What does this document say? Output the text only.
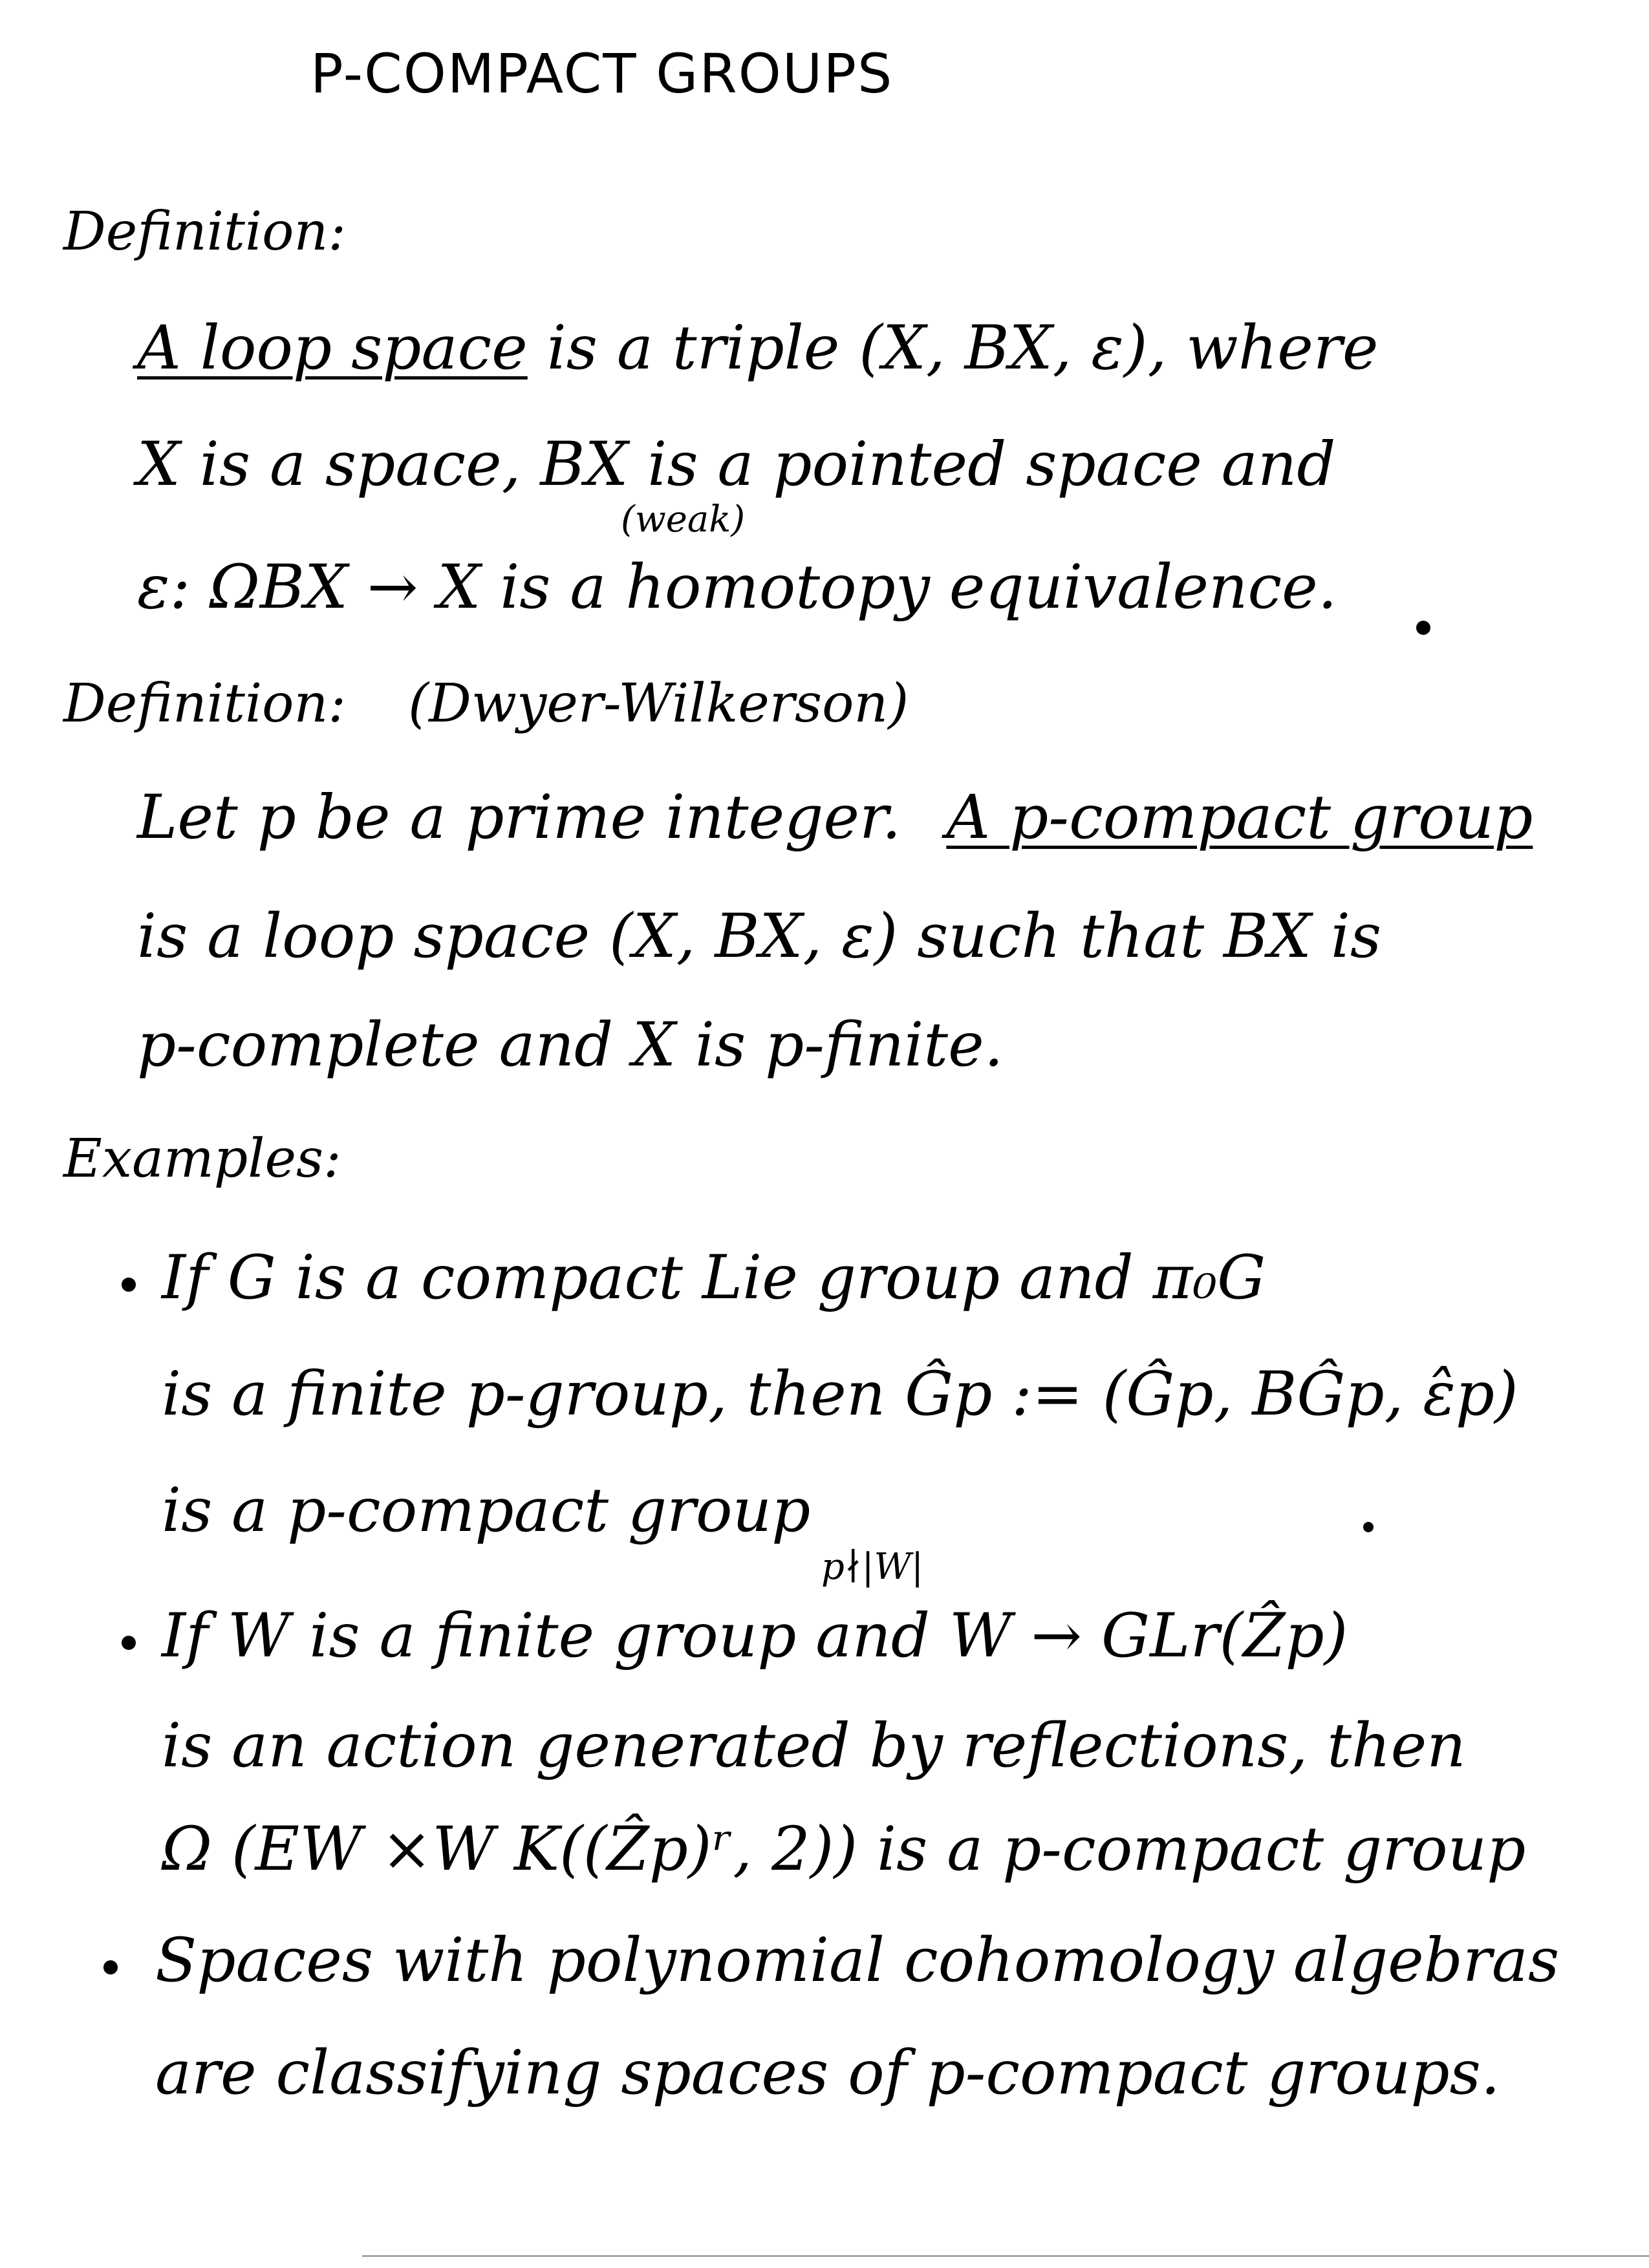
P-COMPACT GROUPS
Definition:
A loop space is a triple (X, BX, ε), where
X is a space, BX is a pointed space and
(weak)
ε: ΩBX → X is a homotopy equivalence.
Definition: (Dwyer-Wilkerson)
Let p be a prime integer. A p-compact group
is a loop space (X, BX, ε) such that BX is
p-complete and X is p-finite.
Examples:
If G is a compact Lie group and π₀G
is a finite p-group, then Ĝp := (Ĝp, BĜp, ε̂p)
is a p-compact group
p∤|W|
If W is a finite group and W → GLr(Ẑp)
is an action generated by reflections, then
Ω (EW ×W K((Ẑp)ʳ, 2)) is a p-compact group
Spaces with polynomial cohomology algebras
are classifying spaces of p-compact groups.
